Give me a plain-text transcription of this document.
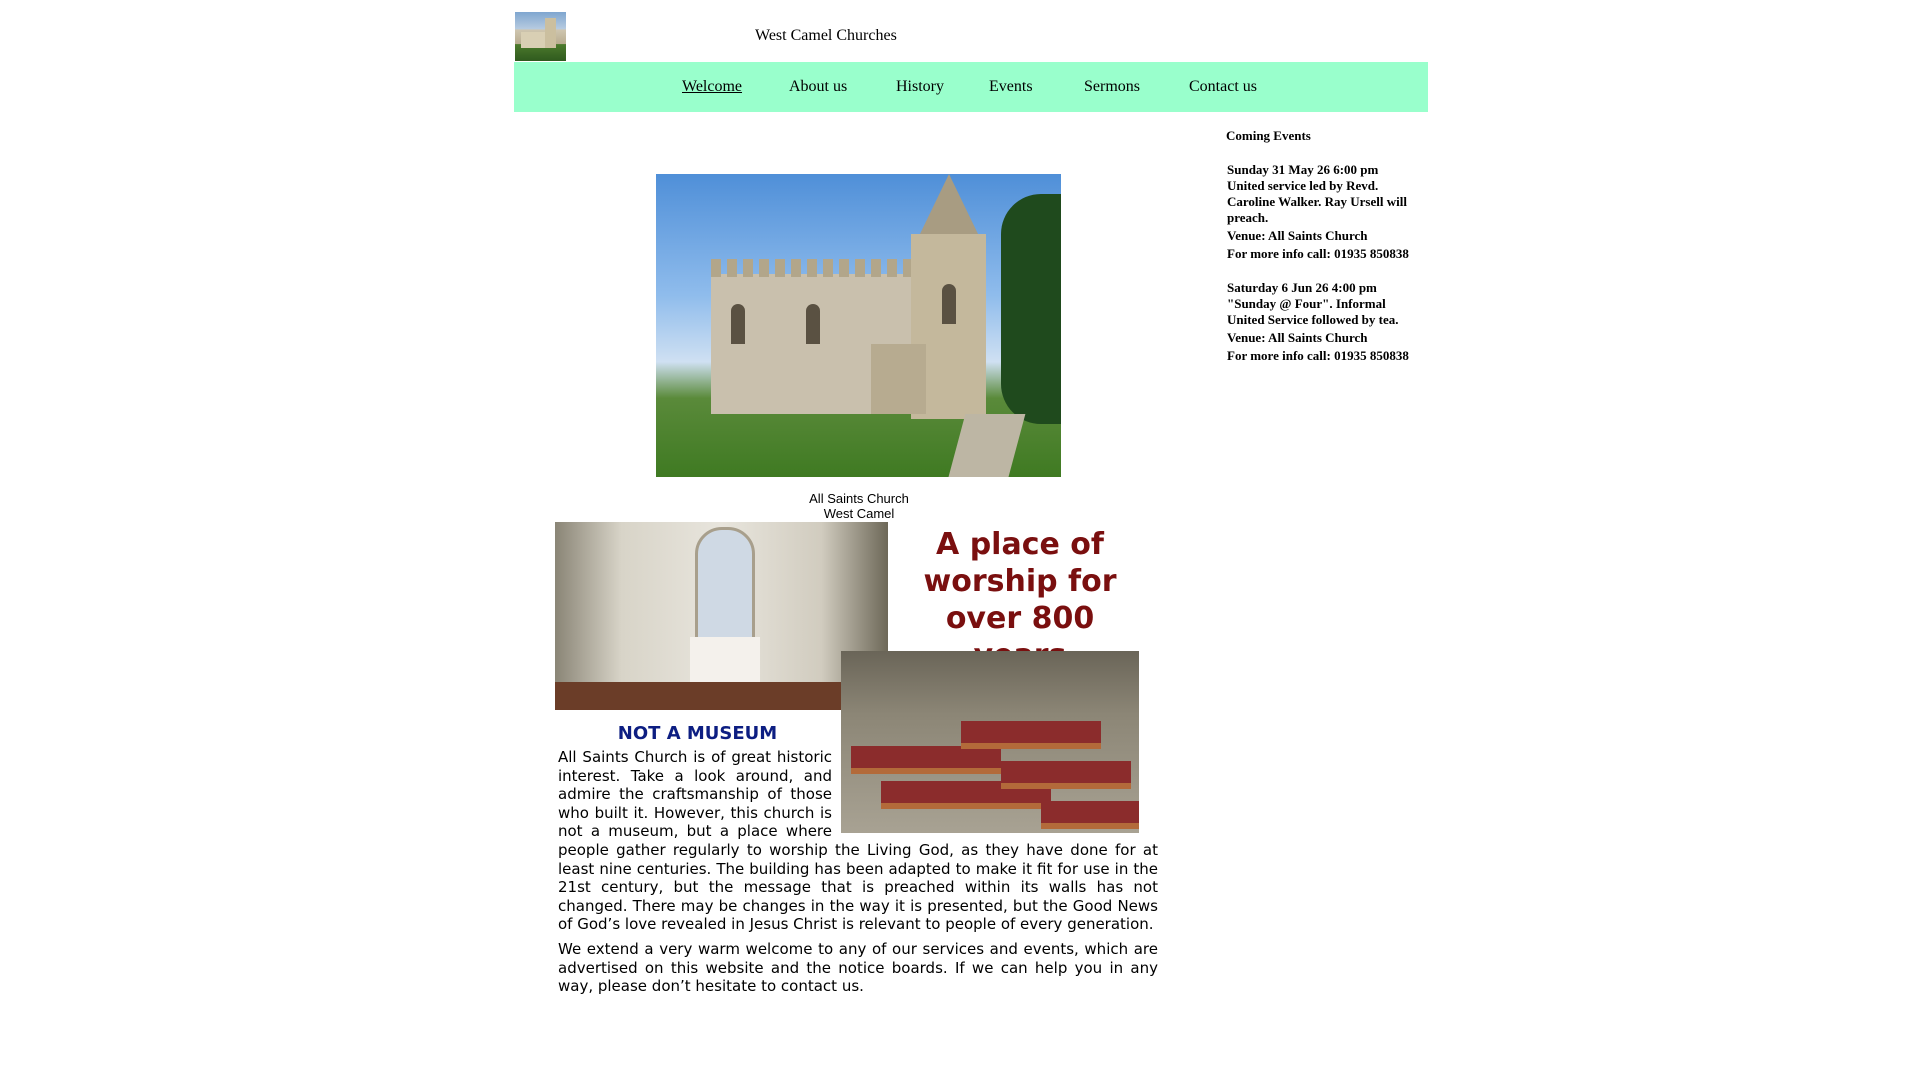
West Camel Churches
Welcome	About us	History	Events	Sermons	Contact us

Coming Events

Sunday 31 May 26 6:00 pm

United service led by Revd. Caroline Walker. Ray Ursell will preach.

Venue: All Saints Church

For more info call: 01935 850838

Saturday 6 Jun 26 4:00 pm

"Sunday @ Four". Informal United Service followed by tea.

Venue: All Saints Church

For more info call: 01935 850838

All Saints Church
West Camel
A place of worship for over 800
NOT A MUSEUM
All Saints Church is of great historic interest. Take a look around, and admire the craftsmanship of those who built it. However, this church is not a museum, but a place where people gather regularly to worship the Living God, as they have done for at least nine centuries. The building has been adapted to make it fit for use in the 21st century, but the message that is preached within its walls has not changed. There may be changes in the way it is presented, but the Good News of God’s love revealed in Jesus Christ is relevant to people of every generation.
We extend a very warm welcome to any of our services and events, which are advertised on this website and the notice boards. If we can help you in any way, please don’t hesitate to contact us.
